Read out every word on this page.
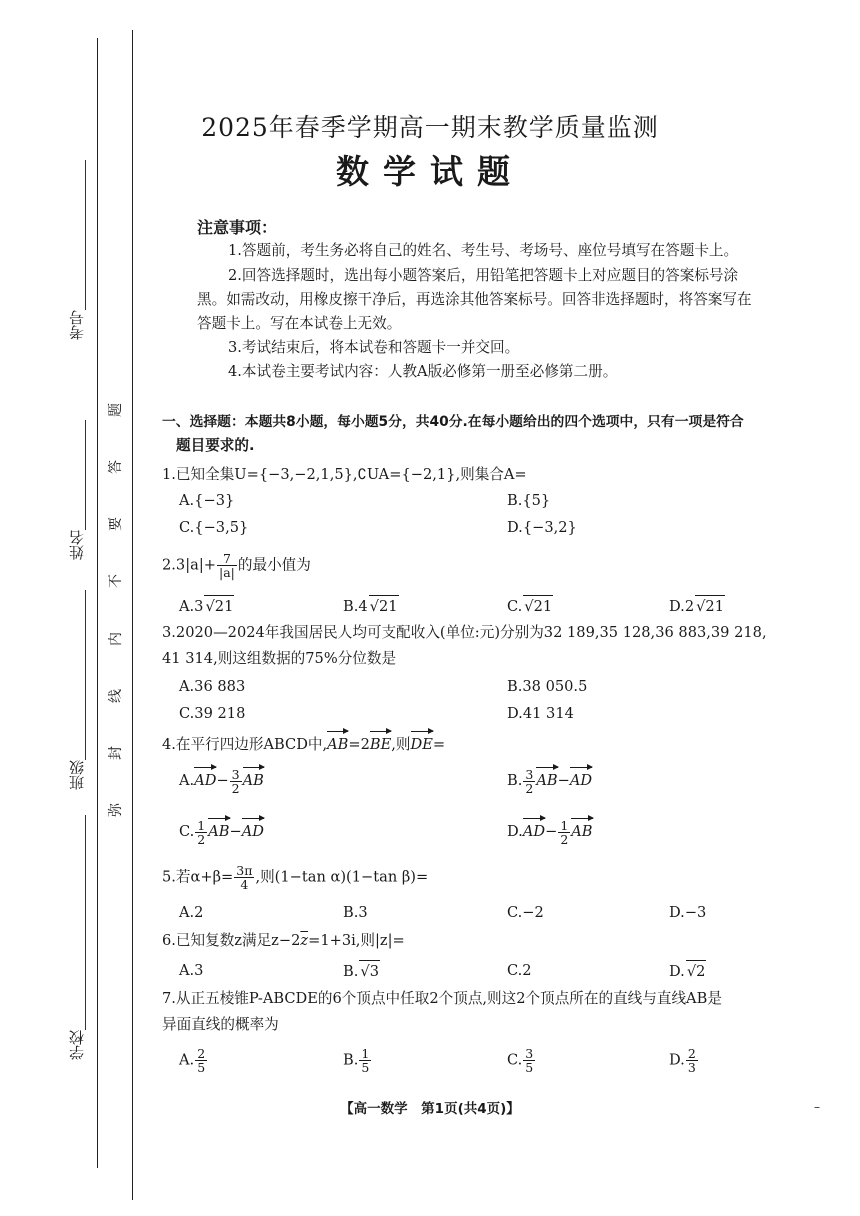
考号
姓名
班级
学校
题
答
要
不
内
线
封
弥
2025年春季学期高一期末教学质量监测
数学试题
注意事项：
1.答题前，考生务必将自己的姓名、考生号、考场号、座位号填写在答题卡上。
2.回答选择题时，选出每小题答案后，用铅笔把答题卡上对应题目的答案标号涂
黑。如需改动，用橡皮擦干净后，再选涂其他答案标号。回答非选择题时，将答案写在
答题卡上。写在本试卷上无效。
3.考试结束后，将本试卷和答题卡一并交回。
4.本试卷主要考试内容：人教A版必修第一册至必修第二册。
一、选择题：本题共8小题，每小题5分，共40分.在每小题给出的四个选项中，只有一项是符合
题目要求的.
1.已知全集U={−3,−2,1,5},∁UA={−2,1},则集合A=
A.{−3}	B.{5}
C.{−3,5}	D.{−3,2}
$2.3|a|+ \frac{7}{|a|}$ 的最小值为
A.3 √21	B.4 √21	C. √21	D.2 √21
3.2020—2024年我国居民人均可支配收入(单位:元)分别为32 189,35 128,36 883,39 218,
41 314,则这组数据的75%分位数是
A.36 883	B.38 050.5
C.39 218	D.41 314
4.在平行四边形ABCD中,AB=2BE,则DE=
$A.AD- \frac{3}{2}$ AB	B. $\frac{3}{2} AB-AD$
C. $\frac{1}{2} AB-AD$	$D.AD- \frac{1}{2}$ AB
5.若$\alpha+\beta= \frac{3\pi}{4}$ ,则(1−tan α)(1−tan β)=
A.2	B.3	C.−2	D.−3
6.已知复数z满足$z-2\overline{z}=1+3i$,则|z|=
A.3	B. √3	C.2	D. √2
7.从正五棱锥P-ABCDE的6个顶点中任取2个顶点,则这2个顶点所在的直线与直线AB是
异面直线的概率为
A. $\frac{2}{5}$	B. $\frac{1}{5}$	C. $\frac{3}{5}$	D. $\frac{2}{3}$
【高一数学　第1页(共4页)】	–
